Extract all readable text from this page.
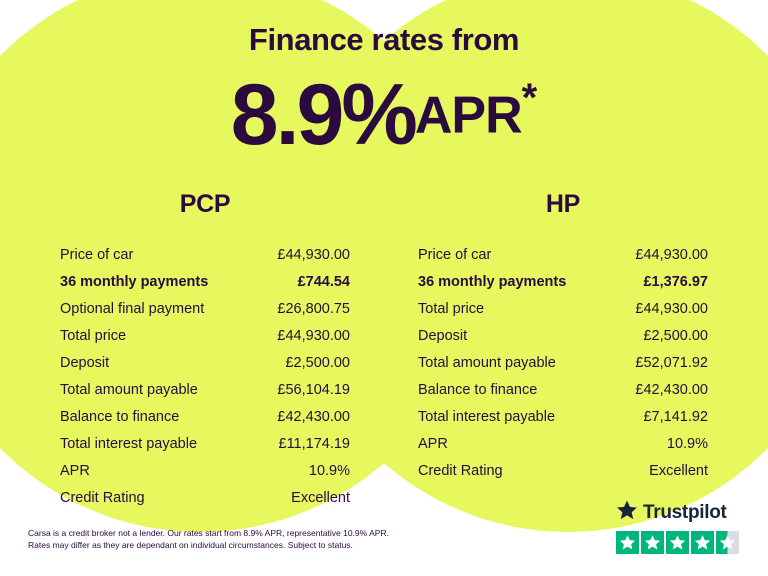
Finance rates from
8.9%APR*
PCP
Price of car	£44,930.00
36 monthly payments	£744.54
Optional final payment	£26,800.75
Total price	£44,930.00
Deposit	£2,500.00
Total amount payable	£56,104.19
Balance to finance	£42,430.00
Total interest payable	£11,174.19
APR	10.9%
Credit Rating	Excellent
HP
Price of car	£44,930.00
36 monthly payments	£1,376.97
Total price	£44,930.00
Deposit	£2,500.00
Total amount payable	£52,071.92
Balance to finance	£42,430.00
Total interest payable	£7,141.92
APR	10.9%
Credit Rating	Excellent
Carsa is a credit broker not a lender. Our rates start from 8.9% APR, representative 10.9% APR.
Rates may differ as they are dependant on individual circumstances. Subject to status.
Trustpilot
